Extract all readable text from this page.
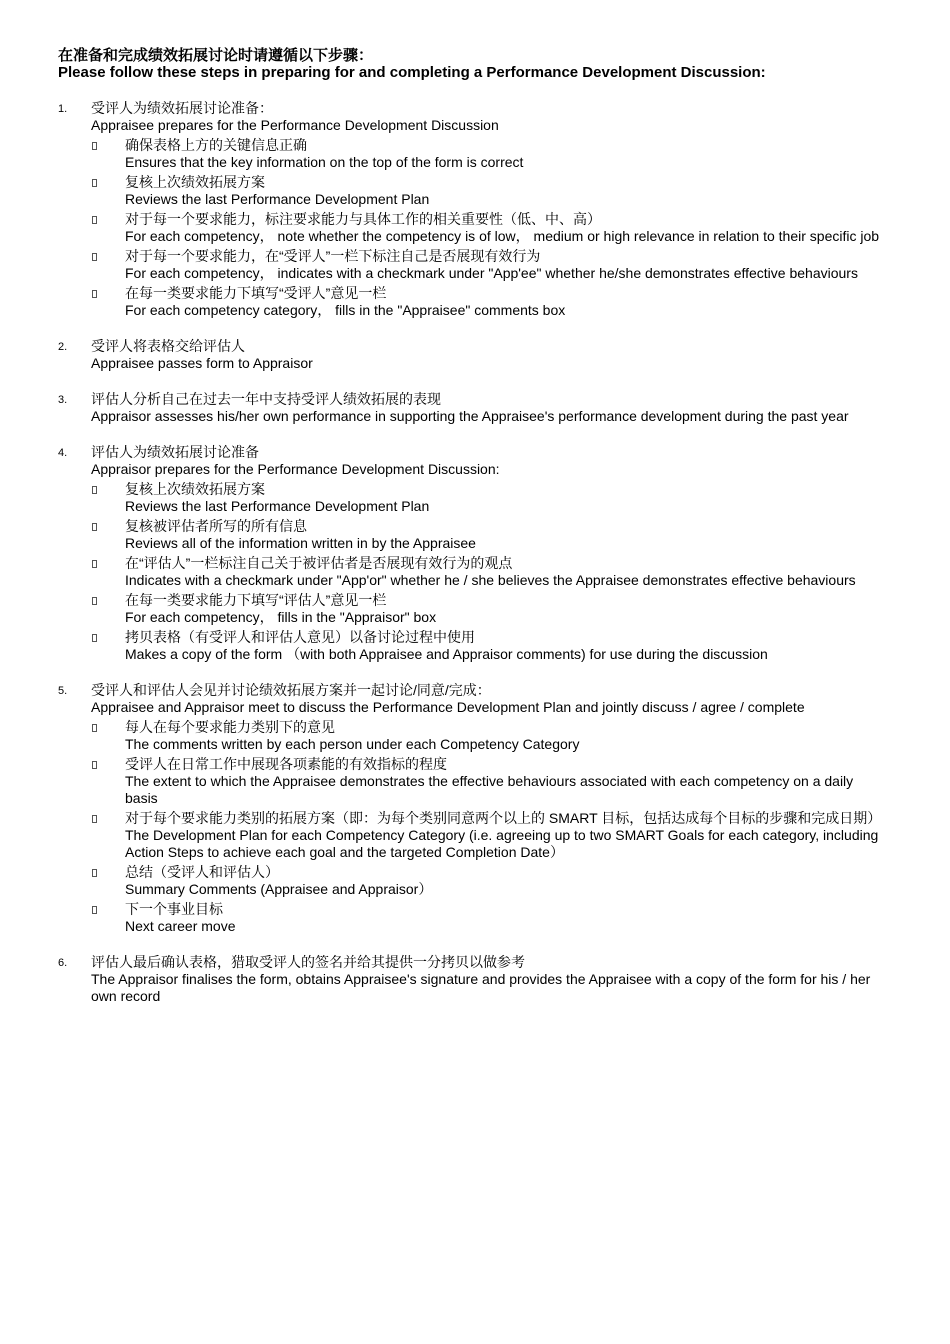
在准备和完成绩效拓展讨论时请遵循以下步骤：
Please follow these steps in preparing for and completing a Performance Development Discussion:
1. 受评人为绩效拓展讨论准备：
Appraisee prepares for the Performance Development Discussion
确保表格上方的关键信息正确
Ensures that the key information on the top of the form is correct
复核上次绩效拓展方案
Reviews the last Performance Development Plan
对于每一个要求能力，标注要求能力与具体工作的相关重要性（低、中、高）
For each competency， note whether the competency is of low， medium or high relevance in relation to their specific job
对于每一个要求能力，在“受评人”一栏下标注自己是否展现有效行为
For each competency， indicates with a checkmark under "App'ee" whether he/she demonstrates effective behaviours
在每一类要求能力下填写“受评人”意见一栏
For each competency category， fills in the "Appraisee" comments box
2. 受评人将表格交给评估人
Appraisee passes form to Appraisor
3. 评估人分析自己在过去一年中支持受评人绩效拓展的表现
Appraisor assesses his/her own performance in supporting the Appraisee's performance development during the past year
4. 评估人为绩效拓展讨论准备
Appraisor prepares for the Performance Development Discussion:
复核上次绩效拓展方案
Reviews the last Performance Development Plan
复核被评估者所写的所有信息
Reviews all of the information written in by the Appraisee
在“评估人”一栏标注自己关于被评估者是否展现有效行为的观点
Indicates with a checkmark under "App'or" whether he / she believes the Appraisee demonstrates effective behaviours
在每一类要求能力下填写“评估人”意见一栏
For each competency， fills in the "Appraisor" box
拷贝表格（有受评人和评估人意见）以备讨论过程中使用
Makes a copy of the form （with both Appraisee and Appraisor comments) for use during the discussion
5. 受评人和评估人会见并讨论绩效拓展方案并一起讨论/同意/完成：
Appraisee and Appraisor meet to discuss the Performance Development Plan and jointly discuss / agree / complete
每人在每个要求能力类别下的意见
The comments written by each person under each Competency Category
受评人在日常工作中展现各项素能的有效指标的程度
The extent to which the Appraisee demonstrates the effective behaviours associated with each competency on a daily basis
对于每个要求能力类别的拓展方案（即：为每个类别同意两个以上的 SMART 目标，包括达成每个目标的步骤和完成日期）
The Development Plan for each Competency Category (i.e. agreeing up to two SMART Goals for each category, including Action Steps to achieve each goal and the targeted Completion Date）
总结（受评人和评估人）
Summary Comments (Appraisee and Appraisor）
下一个事业目标
Next career move
6. 评估人最后确认表格，猎取受评人的签名并给其提供一分拷贝以做参考
The Appraisor finalises the form, obtains Appraisee's signature and provides the Appraisee with a copy of the form for his / her own record
